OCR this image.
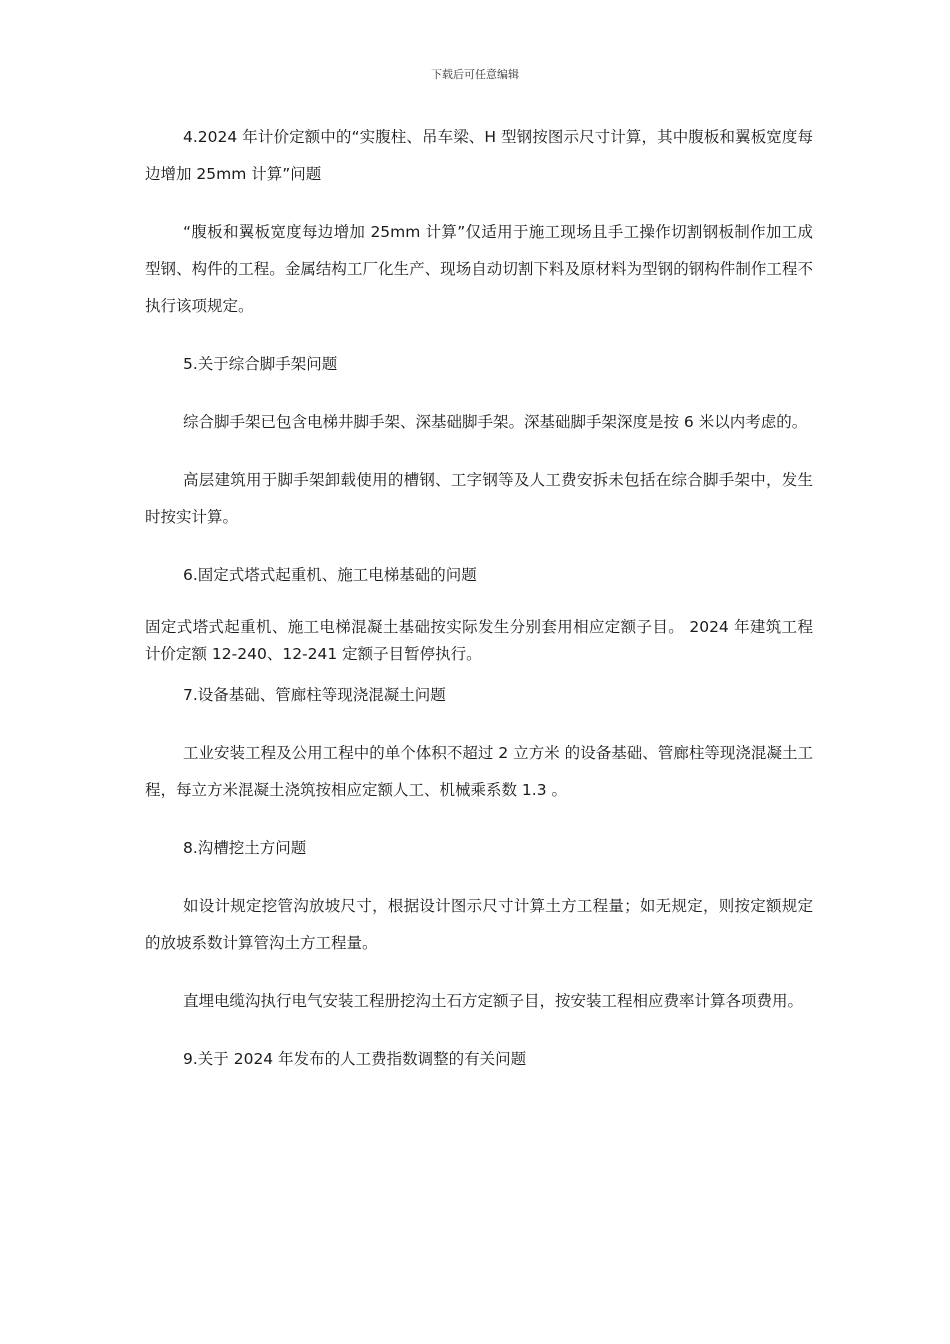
下载后可任意编辑

4.2024 年计价定额中的“实腹柱、吊车梁、H 型钢按图示尺寸计算，其中腹板和翼板宽度每边增加 25mm 计算”问题

“腹板和翼板宽度每边增加 25mm 计算”仅适用于施工现场且手工操作切割钢板制作加工成型钢、构件的工程。金属结构工厂化生产、现场自动切割下料及原材料为型钢的钢构件制作工程不执行该项规定。

5.关于综合脚手架问题

综合脚手架已包含电梯井脚手架、深基础脚手架。深基础脚手架深度是按 6 米以内考虑的。

高层建筑用于脚手架卸载使用的槽钢、工字钢等及人工费安拆未包括在综合脚手架中，发生时按实计算。

6.固定式塔式起重机、施工电梯基础的问题

固定式塔式起重机、施工电梯混凝土基础按实际发生分别套用相应定额子目。 2024 年建筑工程计价定额 12-240、12-241 定额子目暂停执行。

7.设备基础、管廊柱等现浇混凝土问题

工业安装工程及公用工程中的单个体积不超过 2 立方米 的设备基础、管廊柱等现浇混凝土工程，每立方米混凝土浇筑按相应定额人工、机械乘系数 1.3 。

8.沟槽挖土方问题

如设计规定挖管沟放坡尺寸，根据设计图示尺寸计算土方工程量；如无规定，则按定额规定的放坡系数计算管沟土方工程量。

直埋电缆沟执行电气安装工程册挖沟土石方定额子目，按安装工程相应费率计算各项费用。

9.关于 2024 年发布的人工费指数调整的有关问题
